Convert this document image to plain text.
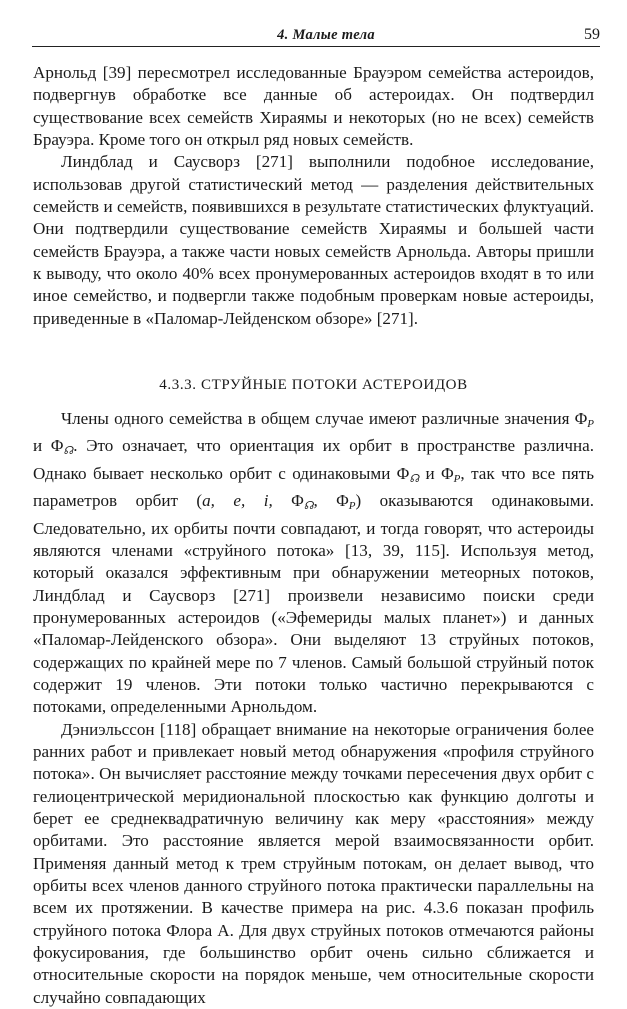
4. Малые тела	59

Арнольд [39] пересмотрел исследованные Брауэром семейства астероидов, подвергнув обработке все данные об астероидах. Он подтвердил существование всех семейств Хираямы и некоторых (но не всех) семейств Брауэра. Кроме того он открыл ряд новых семейств.

Линдблад и Саусворз [271] выполнили подобное исследование, использовав другой статистический метод — разделения действительных семейств и семейств, появившихся в результате статистических флуктуаций. Они подтвердили существование семейств Хираямы и большей части семейств Брауэра, а также части новых семейств Арнольда. Авторы пришли к выводу, что около 40% всех пронумерованных астероидов входят в то или иное семейство, и подвергли также подобным проверкам новые астероиды, приведенные в «Паломар-Лейденском обзоре» [271].

4.3.3. СТРУЙНЫЕ ПОТОКИ АСТЕРОИДОВ

Члены одного семейства в общем случае имеют различные значения $\Phi_P$ и $\Phi_☊$. Это означает, что ориентация их орбит в пространстве различна. Однако бывает несколько орбит с одинаковыми $\Phi_☊$ и $\Phi_P$, так что все пять параметров орбит (a, e, i, $\Phi_☊$, $\Phi_P$) оказываются одинаковыми. Следовательно, их орбиты почти совпадают, и тогда говорят, что астероиды являются членами «струйного потока» [13, 39, 115]. Используя метод, который оказался эффективным при обнаружении метеорных потоков, Линдблад и Саусворз [271] произвели независимо поиски среди пронумерованных астероидов («Эфемериды малых планет») и данных «Паломар-Лейденского обзора». Они выделяют 13 струйных потоков, содержащих по крайней мере по 7 членов. Самый большой струйный поток содержит 19 членов. Эти потоки только частично перекрываются с потоками, определенными Арнольдом.

Дэниэльссон [118] обращает внимание на некоторые ограничения более ранних работ и привлекает новый метод обнаружения «профиля струйного потока». Он вычисляет расстояние между точками пересечения двух орбит с гелиоцентрической меридиональной плоскостью как функцию долготы и берет ее среднеквадратичную величину как меру «расстояния» между орбитами. Это расстояние является мерой взаимосвязанности орбит. Применяя данный метод к трем струйным потокам, он делает вывод, что орбиты всех членов данного струйного потока практически параллельны на всем их протяжении. В качестве примера на рис. 4.3.6 показан профиль струйного потока Флора А. Для двух струйных потоков отмечаются районы фокусирования, где большинство орбит очень сильно сближается и относительные скорости на порядок меньше, чем относительные скорости случайно совпадающих
